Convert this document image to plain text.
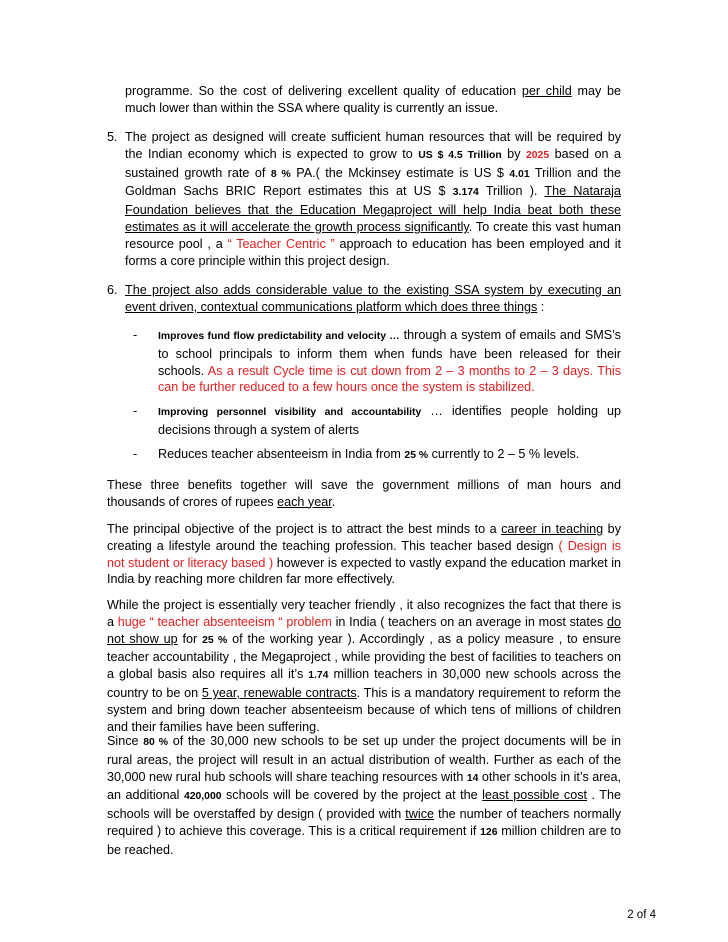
programme. So the cost of delivering excellent quality of education per child may be much lower than within the SSA where quality is currently an issue.
5. The project as designed will create sufficient human resources that will be required by the Indian economy which is expected to grow to US $ 4.5 Trillion by 2025 based on a sustained growth rate of 8 % PA.( the Mckinsey estimate is US $ 4.01 Trillion and the Goldman Sachs BRIC Report estimates this at US $ 3.174 Trillion ). The Nataraja Foundation believes that the Education Megaproject will help India beat both these estimates as it will accelerate the growth process significantly. To create this vast human resource pool , a “ Teacher Centric ” approach to education has been employed and it forms a core principle within this project design.
6. The project also adds considerable value to the existing SSA system by executing an event driven, contextual communications platform which does three things :
- Improves fund flow predictability and velocity … through a system of emails and SMS’s to school principals to inform them when funds have been released for their schools. As a result Cycle time is cut down from 2 – 3 months to 2 – 3 days. This can be further reduced to a few hours once the system is stabilized.
- Improving personnel visibility and accountability … identifies people holding up decisions through a system of alerts
- Reduces teacher absenteeism in India from 25 % currently to 2 – 5 % levels.
These three benefits together will save the government millions of man hours and thousands of crores of rupees each year.
The principal objective of the project is to attract the best minds to a career in teaching by creating a lifestyle around the teaching profession. This teacher based design ( Design is not student or literacy based ) however is expected to vastly expand the education market in India by reaching more children far more effectively.
While the project is essentially very teacher friendly , it also recognizes the fact that there is a huge “ teacher absenteeism “ problem in India ( teachers on an average in most states do not show up for 25 % of the working year ). Accordingly , as a policy measure , to ensure teacher accountability , the Megaproject , while providing the best of facilities to teachers on a global basis also requires all it’s 1.74 million teachers in 30,000 new schools across the country to be on 5 year, renewable contracts. This is a mandatory requirement to reform the system and bring down teacher absenteeism because of which tens of millions of children and their families have been suffering.
Since 80 % of the 30,000 new schools to be set up under the project documents will be in rural areas, the project will result in an actual distribution of wealth. Further as each of the 30,000 new rural hub schools will share teaching resources with 14 other schools in it’s area, an additional 420,000 schools will be covered by the project at the least possible cost . The schools will be overstaffed by design ( provided with twice the number of teachers normally required ) to achieve this coverage. This is a critical requirement if 126 million children are to be reached.
2 of 4
